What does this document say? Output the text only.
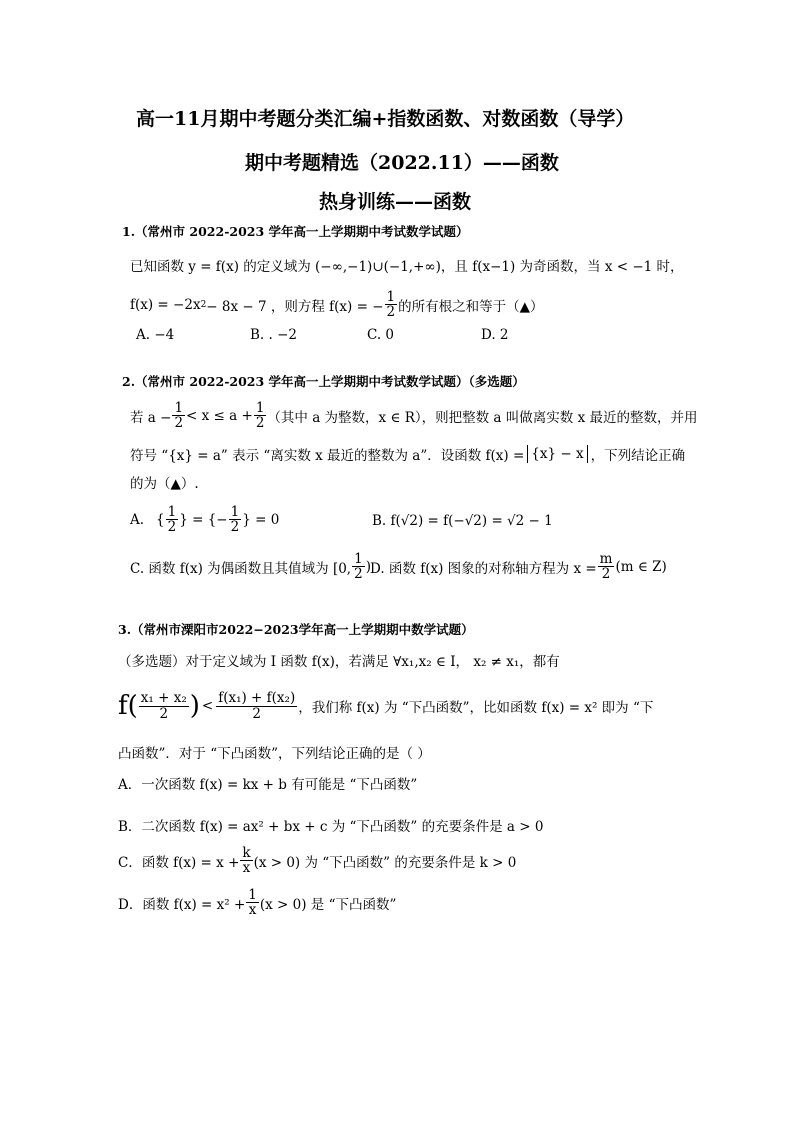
高一11月期中考题分类汇编+指数函数、对数函数（导学）
期中考题精选（2022.11）——函数
热身训练——函数
1.（常州市 2022-2023 学年高一上学期期中考试数学试题）
已知函数 y = f(x) 的定义域为 (−∞,−1)∪(−1,+∞)，且 f(x−1) 为奇函数，当 x < −1 时，
f(x) = −2x 2 − 8x − 7 ，则方程 f(x) = − $\frac{1}{2}$ 的所有根之和等于（▲）
A. −4	B. . −2	C. 0	D. 2
2.（常州市 2022-2023 学年高一上学期期中考试数学试题）（多选题）
若 $a - \frac{1}{2} < x \le a + \frac{1}{2}$ （其中 a 为整数，x ∈ R），则把整数 a 叫做离实数 x 最近的整数，并用
符号 “{x} = a” 表示 “离实数 x 最近的整数为 a”．设函数 f(x) = {x} − x ，下列结论正确
的为（▲）.
A. { $\frac{1}{2}$ } = {− $\frac{1}{2}$ } = 0	B. f(√2) = f(−√2) = √2 − 1
C. 函数 f(x) 为偶函数且其值域为 [0, $\frac{1}{2}$ ) D. 函数 f(x) 图象的对称轴方程为 $x = \frac{m}{2} (m$ ∈ Z)
3.（常州市溧阳市2022−2023学年高一上学期期中数学试题）
（多选题）对于定义域为 I 函数 f(x)，若满足 ∀x₁,x₂ ∈ I， x₂ ≠ x₁，都有
f ( $\frac{\text{x₁ + x₂}}{2}$ ) < $\frac{\text{f(x₁) + f(x₂)}}{2}$ ，我们称 f(x) 为 “下凸函数”，比如函数 f(x) = x² 即为 “下
凸函数”．对于 “下凸函数”，下列结论正确的是（ ）
A．一次函数 f(x) = kx + b 有可能是 “下凸函数”
B．二次函数 f(x) = ax² + bx + c 为 “下凸函数” 的充要条件是 a > 0
C．函数 $f(x) = x + \frac{k}{x} (x > 0)$ 为 “下凸函数” 的充要条件是 k > 0
D．函数 $f(x) = x^2 + \frac{1}{x} (x > 0)$ 是 “下凸函数”
